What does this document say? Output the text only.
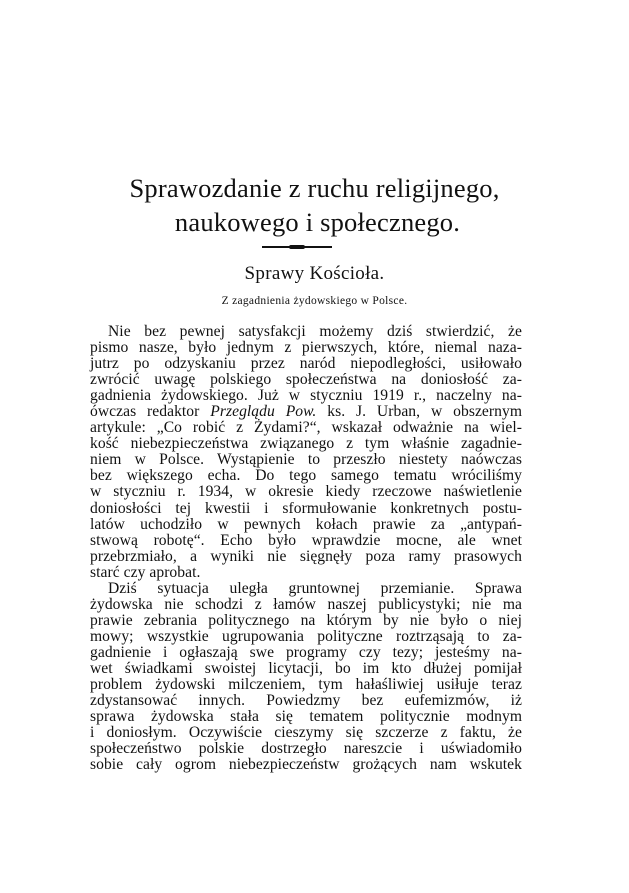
Sprawozdanie z ruchu religijnego,

naukowego i społecznego.
Sprawy Kościoła.
Z zagadnienia żydowskiego w Polsce.
Nie bez pewnej satysfakcji możemy dziś stwierdzić, że
pismo nasze, było jednym z pierwszych, które, niemal naza-
jutrz po odzyskaniu przez naród niepodległości, usiłowało
zwrócić uwagę polskiego społeczeństwa na doniosłość za-
gadnienia żydowskiego. Już w styczniu 1919 r., naczelny na-
ówczas redaktor Przeglądu Pow. ks. J. Urban, w obszernym
artykule: „Co robić z Żydami?“, wskazał odważnie na wiel-
kość niebezpieczeństwa związanego z tym właśnie zagadnie-
niem w Polsce. Wystąpienie to przeszło niestety naówczas
bez większego echa. Do tego samego tematu wróciliśmy
w styczniu r. 1934, w okresie kiedy rzeczowe naświetlenie
doniosłości tej kwestii i sformułowanie konkretnych postu-
latów uchodziło w pewnych kołach prawie za „antypań-
stwową robotę“. Echo było wprawdzie mocne, ale wnet
przebrzmiało, a wyniki nie sięgnęły poza ramy prasowych
starć czy aprobat.
Dziś sytuacja uległa gruntownej przemianie. Sprawa
żydowska nie schodzi z łamów naszej publicystyki; nie ma
prawie zebrania politycznego na którym by nie było o niej
mowy; wszystkie ugrupowania polityczne roztrząsają to za-
gadnienie i ogłaszają swe programy czy tezy; jesteśmy na-
wet świadkami swoistej licytacji, bo im kto dłużej pomijał
problem żydowski milczeniem, tym hałaśliwiej usiłuje teraz
zdystansować innych. Powiedzmy bez eufemizmów, iż
sprawa żydowska stała się tematem politycznie modnym
i doniosłym. Oczywiście cieszymy się szczerze z faktu, że
społeczeństwo polskie dostrzegło nareszcie i uświadomiło
sobie cały ogrom niebezpieczeństw grożących nam wskutek
